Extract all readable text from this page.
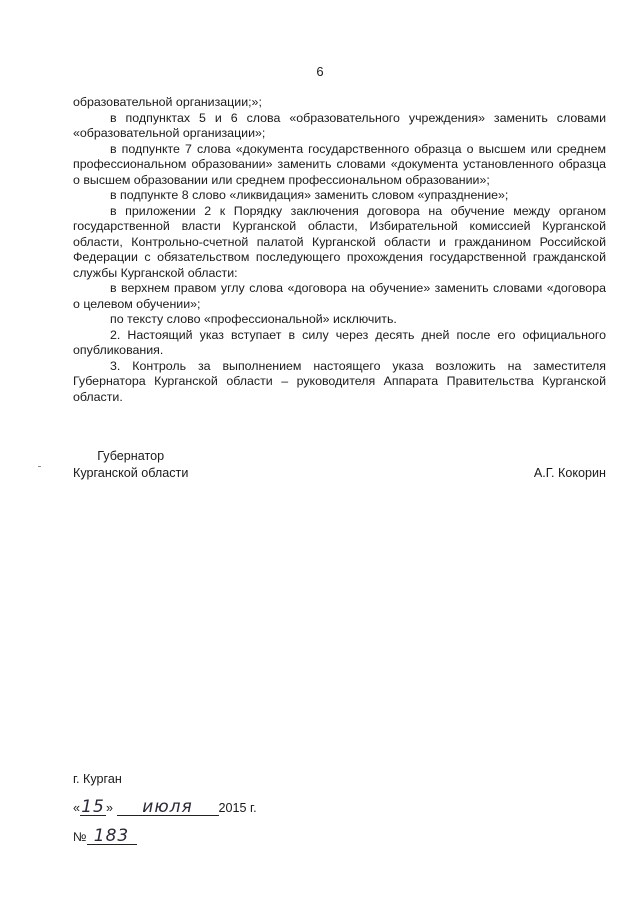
6

образовательной организации;»;

в подпунктах 5 и 6 слова «образовательного учреждения» заменить словами «образовательной организации»;

в подпункте 7 слова «документа государственного образца о высшем или среднем профессиональном образовании» заменить словами «документа установленного образца о высшем образовании или среднем профессиональном образовании»;

в подпункте 8 слово «ликвидация» заменить словом «упразднение»;

в приложении 2 к Порядку заключения договора на обучение между органом государственной власти Курганской области, Избирательной комиссией Курганской области, Контрольно-счетной палатой Курганской области и гражданином Российской Федерации с обязательством последующего прохождения государственной гражданской службы Курганской области:

в верхнем правом углу слова «договора на обучение» заменить словами «договора о целевом обучении»;

по тексту слово «профессиональной» исключить.

2. Настоящий указ вступает в силу через десять дней после его официального опубликования.

3. Контроль за выполнением настоящего указа возложить на заместителя Губернатора Курганской области – руководителя Аппарата Правительства Курганской области.

Губернатор
Курганской области	А.Г. Кокорин
г. Курган
«15» июля 2015 г.
№ 183
